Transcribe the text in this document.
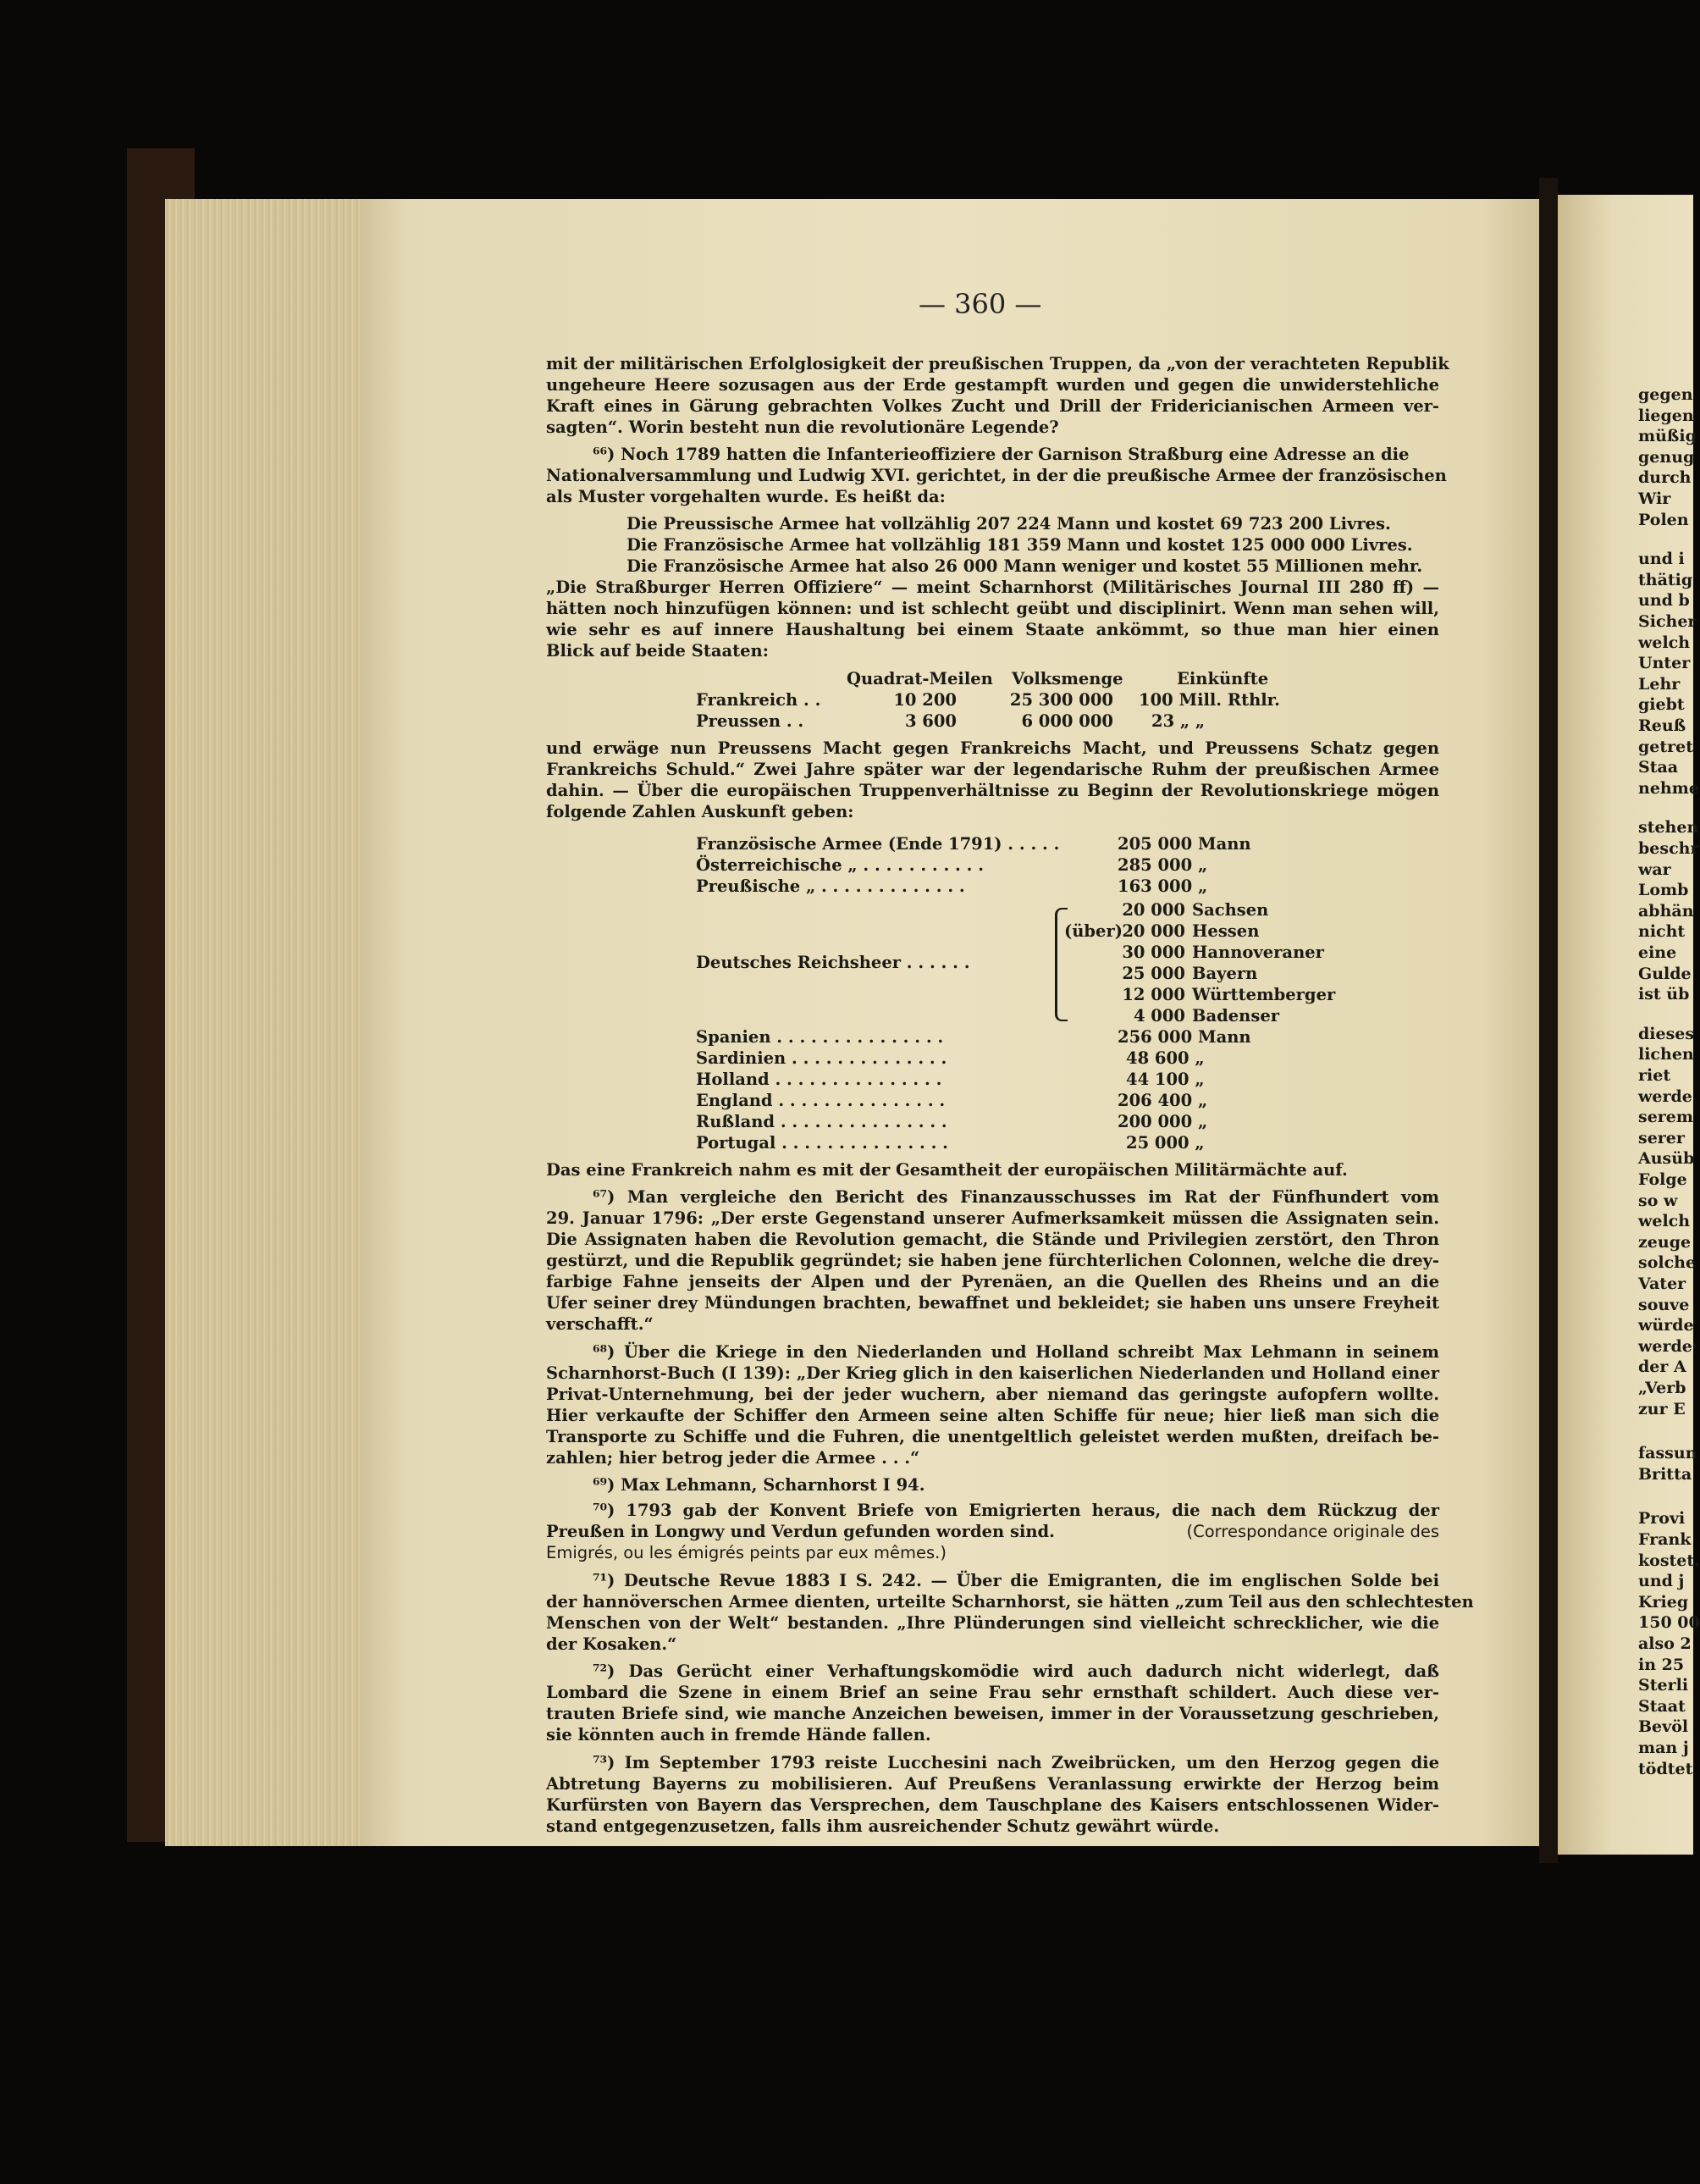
— 360 —
mit der militärischen Erfolglosigkeit der preußischen Truppen, da „von der verachteten Republik
ungeheure Heere sozusagen aus der Erde gestampft wurden und gegen die unwiderstehliche
Kraft eines in Gärung gebrachten Volkes Zucht und Drill der Fridericianischen Armeen ver-
sagten“. Worin besteht nun die revolutionäre Legende?
⁶⁶) Noch 1789 hatten die Infanterieoffiziere der Garnison Straßburg eine Adresse an die
Nationalversammlung und Ludwig XVI. gerichtet, in der die preußische Armee der französischen
als Muster vorgehalten wurde. Es heißt da:
Die Preussische Armee hat vollzählig 207 224 Mann und kostet 69 723 200 Livres.
Die Französische Armee hat vollzählig 181 359 Mann und kostet 125 000 000 Livres.
Die Französische Armee hat also 26 000 Mann weniger und kostet 55 Millionen mehr.
„Die Straßburger Herren Offiziere“ — meint Scharnhorst (Militärisches Journal III 280 ff) —
hätten noch hinzufügen können: und ist schlecht geübt und disciplinirt. Wenn man sehen will,
wie sehr es auf innere Haushaltung bei einem Staate ankömmt, so thue man hier einen
Blick auf beide Staaten:
Quadrat-Meilen Volksmenge	Einkünfte
Frankreich . .	10 200	25 300 000 100 Mill. Rthlr.
Preussen . .	3 600	6 000 000 23 „ „
und erwäge nun Preussens Macht gegen Frankreichs Macht, und Preussens Schatz gegen
Frankreichs Schuld.“ Zwei Jahre später war der legendarische Ruhm der preußischen Armee
dahin. — Über die europäischen Truppenverhältnisse zu Beginn der Revolutionskriege mögen
folgende Zahlen Auskunft geben:
Französische Armee (Ende 1791) . . . . .	205 000 Mann
Österreichische „ . . . . . . . . . . .	285 000 „
Preußische „ . . . . . . . . . . . . .	163 000 „
Deutsches Reichsheer . . . . . .
(über)
20 000 Sachsen
20 000 Hessen
30 000 Hannoveraner
25 000 Bayern
12 000 Württemberger
4 000 Badenser
Spanien . . . . . . . . . . . . . . .	256 000 Mann
Sardinien . . . . . . . . . . . . . .	48 600 „
Holland . . . . . . . . . . . . . . .	44 100 „
England . . . . . . . . . . . . . . .	206 400 „
Rußland . . . . . . . . . . . . . . .	200 000 „
Portugal . . . . . . . . . . . . . . .	25 000 „
Das eine Frankreich nahm es mit der Gesamtheit der europäischen Militärmächte auf.
⁶⁷) Man vergleiche den Bericht des Finanzausschusses im Rat der Fünfhundert vom
29. Januar 1796: „Der erste Gegenstand unserer Aufmerksamkeit müssen die Assignaten sein.
Die Assignaten haben die Revolution gemacht, die Stände und Privilegien zerstört, den Thron
gestürzt, und die Republik gegründet; sie haben jene fürchterlichen Colonnen, welche die drey-
farbige Fahne jenseits der Alpen und der Pyrenäen, an die Quellen des Rheins und an die
Ufer seiner drey Mündungen brachten, bewaffnet und bekleidet; sie haben uns unsere Freyheit
verschafft.“
⁶⁸) Über die Kriege in den Niederlanden und Holland schreibt Max Lehmann in seinem
Scharnhorst-Buch (I 139): „Der Krieg glich in den kaiserlichen Niederlanden und Holland einer
Privat-Unternehmung, bei der jeder wuchern, aber niemand das geringste aufopfern wollte.
Hier verkaufte der Schiffer den Armeen seine alten Schiffe für neue; hier ließ man sich die
Transporte zu Schiffe und die Fuhren, die unentgeltlich geleistet werden mußten, dreifach be-
zahlen; hier betrog jeder die Armee . . .“
⁶⁹) Max Lehmann, Scharnhorst I 94.
⁷⁰) 1793 gab der Konvent Briefe von Emigrierten heraus, die nach dem Rückzug der
Preußen in Longwy und Verdun gefunden worden sind.	(Correspondance originale des
Emigrés, ou les émigrés peints par eux mêmes.)
⁷¹) Deutsche Revue 1883 I S. 242. — Über die Emigranten, die im englischen Solde bei
der hannöverschen Armee dienten, urteilte Scharnhorst, sie hätten „zum Teil aus den schlechtesten
Menschen von der Welt“ bestanden. „Ihre Plünderungen sind vielleicht schrecklicher, wie die
der Kosaken.“
⁷²) Das Gerücht einer Verhaftungskomödie wird auch dadurch nicht widerlegt, daß
Lombard die Szene in einem Brief an seine Frau sehr ernsthaft schildert. Auch diese ver-
trauten Briefe sind, wie manche Anzeichen beweisen, immer in der Voraussetzung geschrieben,
sie könnten auch in fremde Hände fallen.
⁷³) Im September 1793 reiste Lucchesini nach Zweibrücken, um den Herzog gegen die
Abtretung Bayerns zu mobilisieren. Auf Preußens Veranlassung erwirkte der Herzog beim
Kurfürsten von Bayern das Versprechen, dem Tauschplane des Kaisers entschlossenen Wider-
stand entgegenzusetzen, falls ihm ausreichender Schutz gewährt würde.
gegen
liegen
müßig
genug
durch
Wir
Polen
und i
thätig
und b
Sicher
welch
Unter
Lehr
giebt
Reuß
getret
Staa
nehme
stehen
beschr
war
Lomb
abhän
nicht
eine
Gulde
ist üb
dieses
lichen
riet
werde
serem
serer
Ausüb
Folge
so w
welch
zeuge
solche
Vater
souve
würde
werde
der A
„Verb
zur E
fassun
Britta
Provi
Frank
kostet.
und j
Krieg
150 00
also 2
in 25
Sterli
Staat
Bevöl
man j
tödtet
